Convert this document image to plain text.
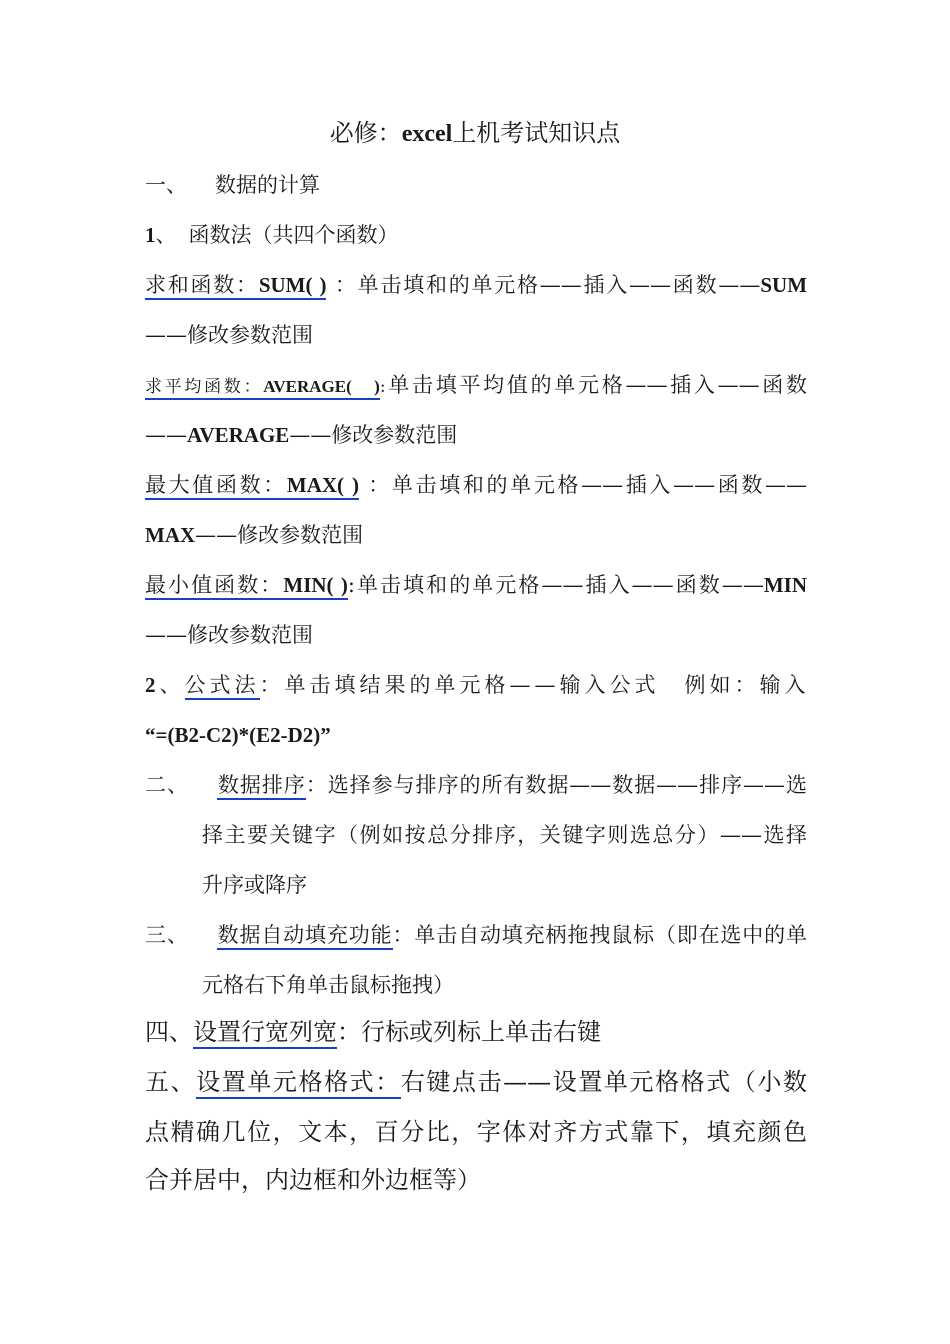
必修：excel上机考试知识点
一、 数据的计算
1、 函数法（共四个函数）
求和函数：SUM( ) ：单击填和的单元格——插入——函数——SUM
——修改参数范围
求平均函数：AVERAGE(　):单击填平均值的单元格——插入——函数
——AVERAGE——修改参数范围
最大值函数：MAX( ) ：单击填和的单元格——插入——函数——
MAX——修改参数范围
最小值函数：MIN( ):单击填和的单元格——插入——函数——MIN
——修改参数范围
2、公式法：单击填结果的单元格——输入公式　例如：输入
“=(B2-C2)*(E2-D2)”
二、 数据排序：选择参与排序的所有数据——数据——排序——选
择主要关键字（例如按总分排序，关键字则选总分）——选择
升序或降序
三、 数据自动填充功能：单击自动填充柄拖拽鼠标（即在选中的单
元格右下角单击鼠标拖拽）
四、设置行宽列宽：行标或列标上单击右键
五、设置单元格格式：右键点击——设置单元格格式（小数
点精确几位，文本，百分比，字体对齐方式靠下，填充颜色
合并居中，内边框和外边框等）
